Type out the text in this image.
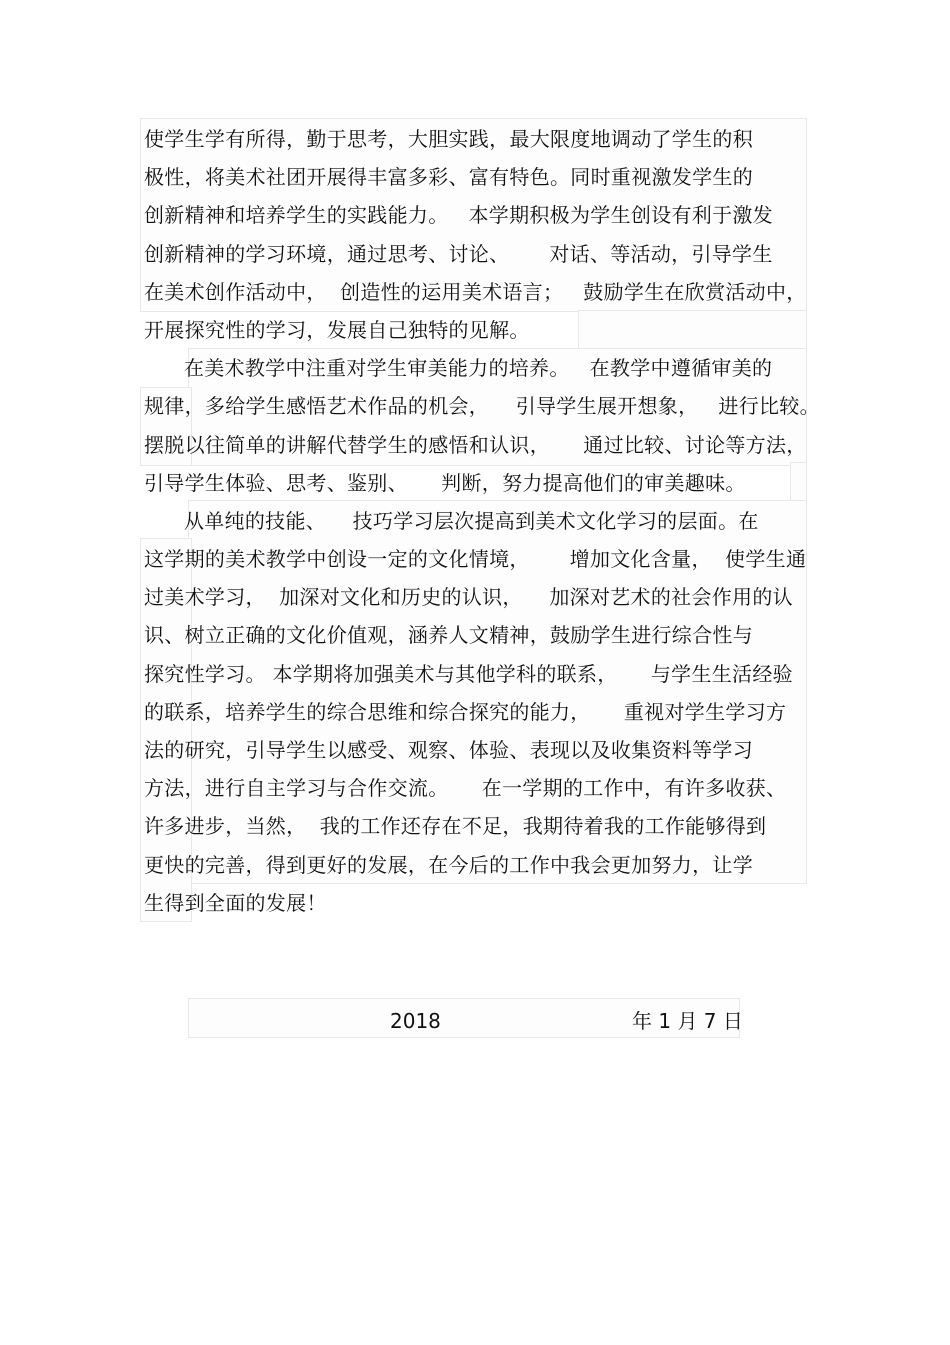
使学生学有所得，勤于思考，大胆实践，最大限度地调动了学生的积
极性，将美术社团开展得丰富多彩、富有特色。同时重视激发学生的
创新精神和培养学生的实践能力。   本学期积极为学生创设有利于激发
创新精神的学习环境，通过思考、讨论、      对话、等活动，引导学生
在美术创作活动中，  创造性的运用美术语言；   鼓励学生在欣赏活动中，
开展探究性的学习，发展自己独特的见解。
在美术教学中注重对学生审美能力的培养。   在教学中遵循审美的
规律，多给学生感悟艺术作品的机会，    引导学生展开想象，   进行比较。
摆脱以往简单的讲解代替学生的感悟和认识，     通过比较、讨论等方法，
引导学生体验、思考、鉴别、     判断，努力提高他们的审美趣味。
从单纯的技能、    技巧学习层次提高到美术文化学习的层面。在
这学期的美术教学中创设一定的文化情境，      增加文化含量，  使学生通
过美术学习，  加深对文化和历史的认识，    加深对艺术的社会作用的认
识、树立正确的文化价值观，涵养人文精神，鼓励学生进行综合性与
探究性学习。 本学期将加强美术与其他学科的联系，     与学生生活经验
的联系，培养学生的综合思维和综合探究的能力，     重视对学生学习方
法的研究，引导学生以感受、观察、体验、表现以及收集资料等学习
方法，进行自主学习与合作交流。     在一学期的工作中，有许多收获、
许多进步，当然，  我的工作还存在不足，我期待着我的工作能够得到
更快的完善，得到更好的发展，在今后的工作中我会更加努力，让学
生得到全面的发展！
2018	年 1 月 7 日
